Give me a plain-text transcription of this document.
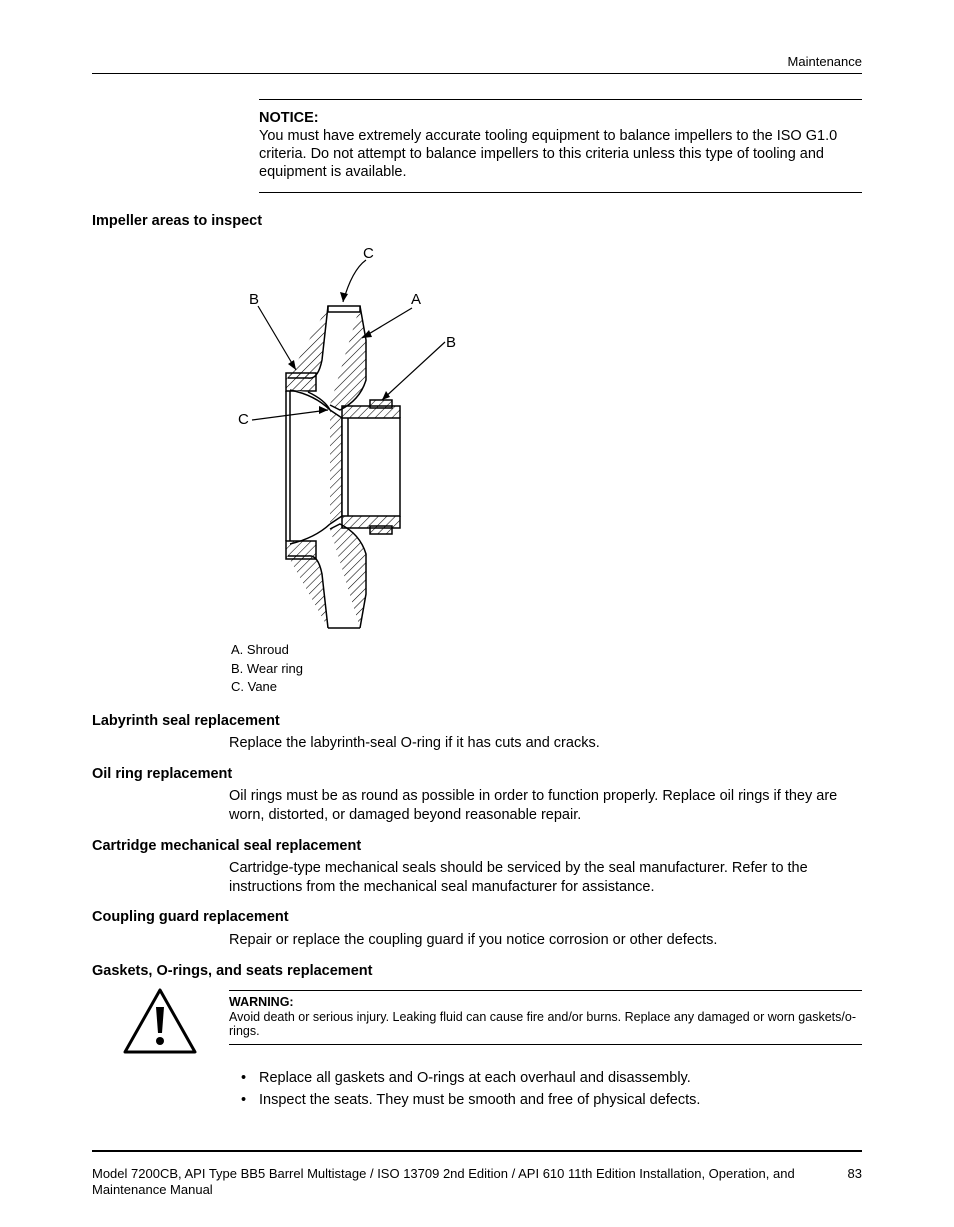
Maintenance
NOTICE:
You must have extremely accurate tooling equipment to balance impellers to the ISO G1.0 criteria. Do not attempt to balance impellers to this criteria unless this type of tooling and equipment is available.
Impeller areas to inspect
C
B	A
B
C
A. Shroud
B. Wear ring
C. Vane
Labyrinth seal replacement
Replace the labyrinth-seal O-ring if it has cuts and cracks.
Oil ring replacement
Oil rings must be as round as possible in order to function properly. Replace oil rings if they are worn, distorted, or damaged beyond reasonable repair.
Cartridge mechanical seal replacement
Cartridge-type mechanical seals should be serviced by the seal manufacturer. Refer to the instructions from the mechanical seal manufacturer for assistance.
Coupling guard replacement
Repair or replace the coupling guard if you notice corrosion or other defects.
Gaskets, O-rings, and seats replacement
WARNING:
Avoid death or serious injury. Leaking fluid can cause fire and/or burns. Replace any damaged or worn gaskets/o-rings.
• Replace all gaskets and O-rings at each overhaul and disassembly.
• Inspect the seats. They must be smooth and free of physical defects.
Model 7200CB, API Type BB5 Barrel Multistage / ISO 13709 2nd Edition / API 610 11th Edition Installation, Operation, and Maintenance Manual
83
